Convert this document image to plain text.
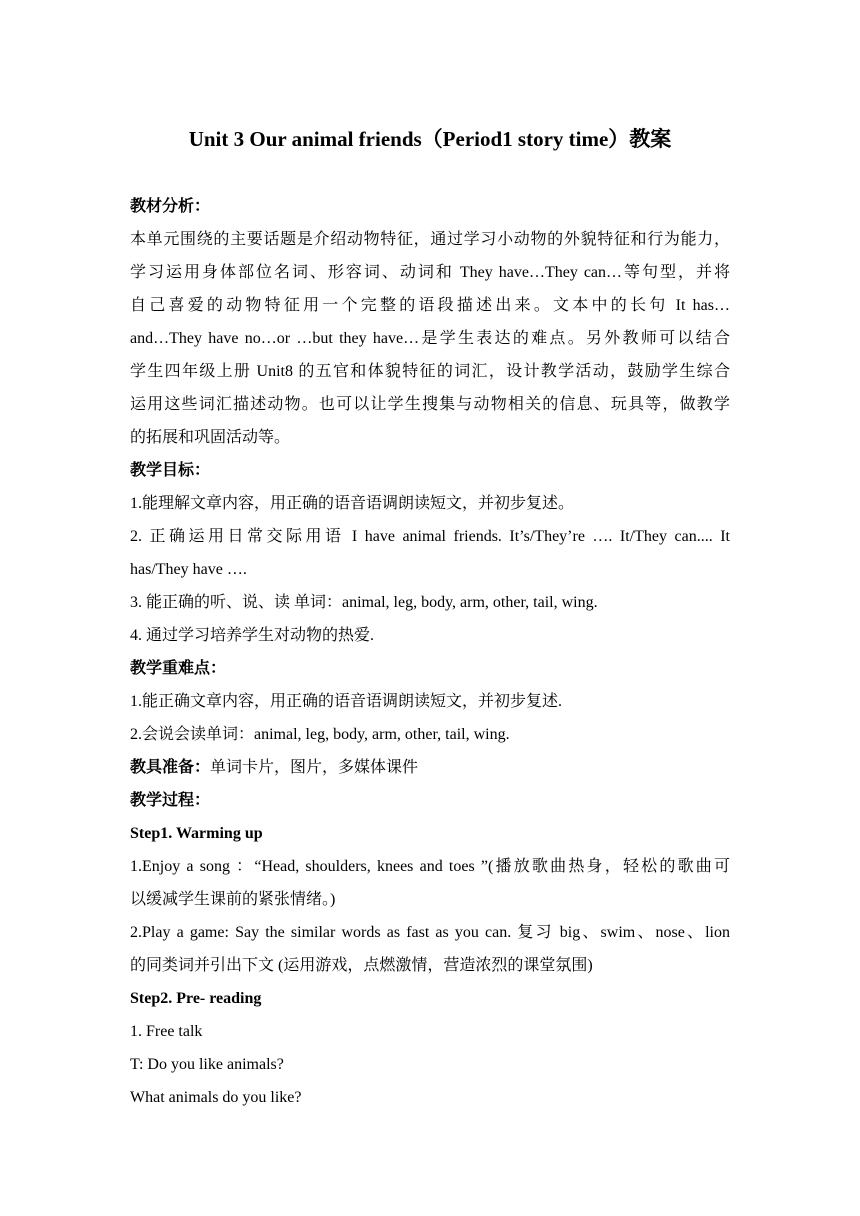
Unit 3 Our animal friends（Period1 story time）教案
教材分析：
本单元围绕的主要话题是介绍动物特征，通过学习小动物的外貌特征和行为能力，
学习运用身体部位名词、形容词、动词和 They have…They can…等句型，并将
自己喜爱的动物特征用一个完整的语段描述出来。文本中的长句 It has…
and…They have no…or …but they have…是学生表达的难点。另外教师可以结合
学生四年级上册 Unit8 的五官和体貌特征的词汇，设计教学活动，鼓励学生综合
运用这些词汇描述动物。也可以让学生搜集与动物相关的信息、玩具等，做教学
的拓展和巩固活动等。
教学目标：
1.能理解文章内容，用正确的语音语调朗读短文，并初步复述。
2. 正确运用日常交际用语 I have animal friends. It’s/They’re …. It/They can.... It
has/They have ….
3. 能正确的听、说、读 单词：animal, leg, body, arm, other, tail, wing.
4. 通过学习培养学生对动物的热爱.
教学重难点：
1.能正确文章内容，用正确的语音语调朗读短文，并初步复述.
2.会说会读单词：animal, leg, body, arm, other, tail, wing.
教具准备：单词卡片，图片，多媒体课件
教学过程：
Step1. Warming up
1.Enjoy a song ：“Head, shoulders, knees and toes ”(播放歌曲热身，轻松的歌曲可
以缓减学生课前的紧张情绪。)
2.Play a game: Say the similar words as fast as you can. 复习 big、swim、nose、lion
的同类词并引出下文 (运用游戏，点燃激情，营造浓烈的课堂氛围)
Step2. Pre- reading
1. Free talk
T: Do you like animals?
What animals do you like?
